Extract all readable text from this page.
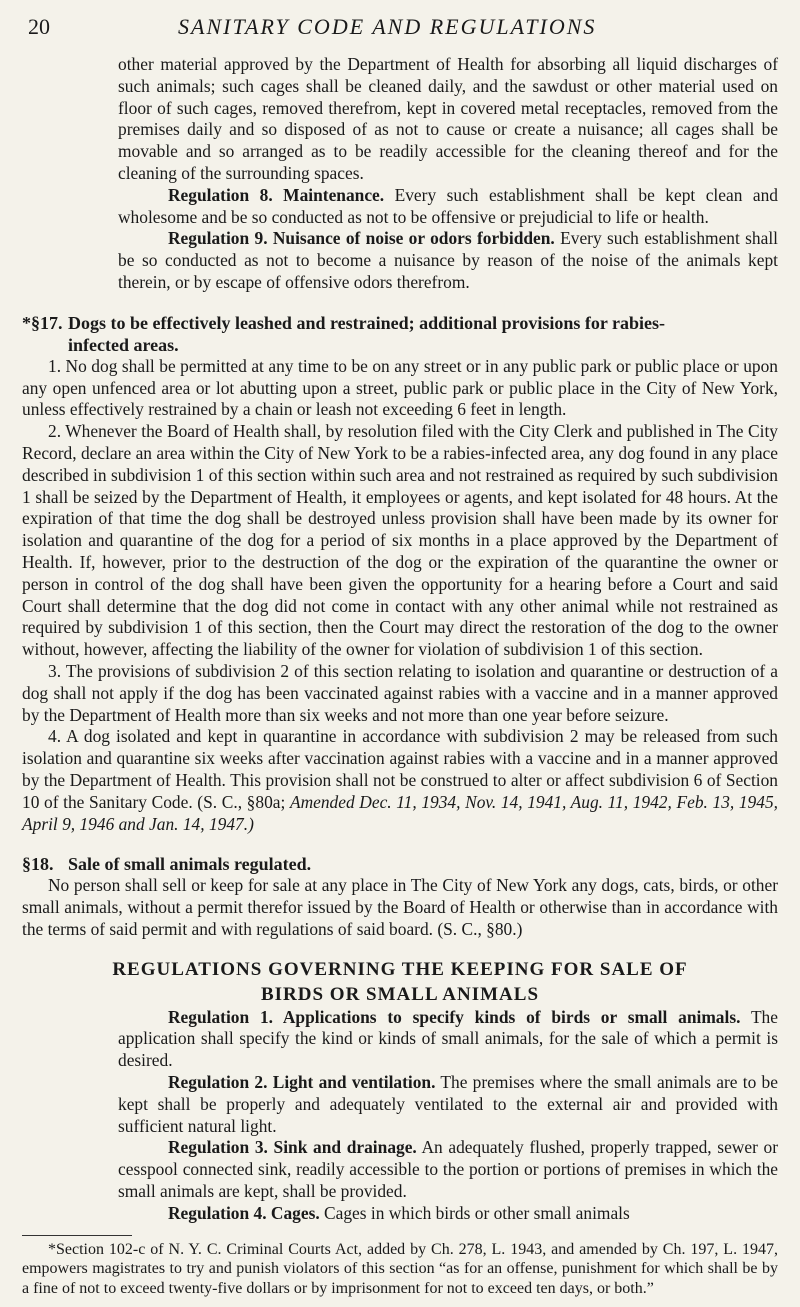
20	SANITARY CODE AND REGULATIONS

other material approved by the Department of Health for absorbing all liquid discharges of such animals; such cages shall be cleaned daily, and the sawdust or other material used on floor of such cages, removed therefrom, kept in covered metal receptacles, removed from the premises daily and so disposed of as not to cause or create a nuisance; all cages shall be movable and so arranged as to be readily accessible for the cleaning thereof and for the cleaning of the surrounding spaces.

Regulation 8. Maintenance. Every such establishment shall be kept clean and wholesome and be so conducted as not to be offensive or prejudicial to life or health.

Regulation 9. Nuisance of noise or odors forbidden. Every such establishment shall be so conducted as not to become a nuisance by reason of the noise of the animals kept therein, or by escape of offensive odors therefrom.

*§17. Dogs to be effectively leashed and restrained; additional provisions for rabies-
infected areas.

1. No dog shall be permitted at any time to be on any street or in any public park or public place or upon any open unfenced area or lot abutting upon a street, public park or public place in the City of New York, unless effectively restrained by a chain or leash not exceeding 6 feet in length.

2. Whenever the Board of Health shall, by resolution filed with the City Clerk and published in The City Record, declare an area within the City of New York to be a rabies-infected area, any dog found in any place described in subdivision 1 of this section within such area and not restrained as required by such subdivision 1 shall be seized by the Department of Health, it employees or agents, and kept isolated for 48 hours. At the expiration of that time the dog shall be destroyed unless provision shall have been made by its owner for isolation and quarantine of the dog for a period of six months in a place approved by the Department of Health. If, however, prior to the destruction of the dog or the expiration of the quarantine the owner or person in control of the dog shall have been given the opportunity for a hearing before a Court and said Court shall determine that the dog did not come in contact with any other animal while not restrained as required by subdivision 1 of this section, then the Court may direct the restoration of the dog to the owner without, however, affecting the liability of the owner for violation of subdivision 1 of this section.

3. The provisions of subdivision 2 of this section relating to isolation and quarantine or destruction of a dog shall not apply if the dog has been vaccinated against rabies with a vaccine and in a manner approved by the Department of Health more than six weeks and not more than one year before seizure.

4. A dog isolated and kept in quarantine in accordance with subdivision 2 may be released from such isolation and quarantine six weeks after vaccination against rabies with a vaccine and in a manner approved by the Department of Health. This provision shall not be construed to alter or affect subdivision 6 of Section 10 of the Sanitary Code. (S. C., §80a; Amended Dec. 11, 1934, Nov. 14, 1941, Aug. 11, 1942, Feb. 13, 1945, April 9, 1946 and Jan. 14, 1947.)

§18. Sale of small animals regulated.

No person shall sell or keep for sale at any place in The City of New York any dogs, cats, birds, or other small animals, without a permit therefor issued by the Board of Health or otherwise than in accordance with the terms of said permit and with regulations of said board. (S. C., §80.)

REGULATIONS GOVERNING THE KEEPING FOR SALE OF
BIRDS OR SMALL ANIMALS

Regulation 1. Applications to specify kinds of birds or small animals. The application shall specify the kind or kinds of small animals, for the sale of which a permit is desired.

Regulation 2. Light and ventilation. The premises where the small animals are to be kept shall be properly and adequately ventilated to the external air and provided with sufficient natural light.

Regulation 3. Sink and drainage. An adequately flushed, properly trapped, sewer or cesspool connected sink, readily accessible to the portion or portions of premises in which the small animals are kept, shall be provided.

Regulation 4. Cages. Cages in which birds or other small animals

*Section 102-c of N. Y. C. Criminal Courts Act, added by Ch. 278, L. 1943, and amended by Ch. 197, L. 1947, empowers magistrates to try and punish violators of this section “as for an offense, punishment for which shall be by a fine of not to exceed twenty-five dollars or by imprisonment for not to exceed ten days, or both.”
